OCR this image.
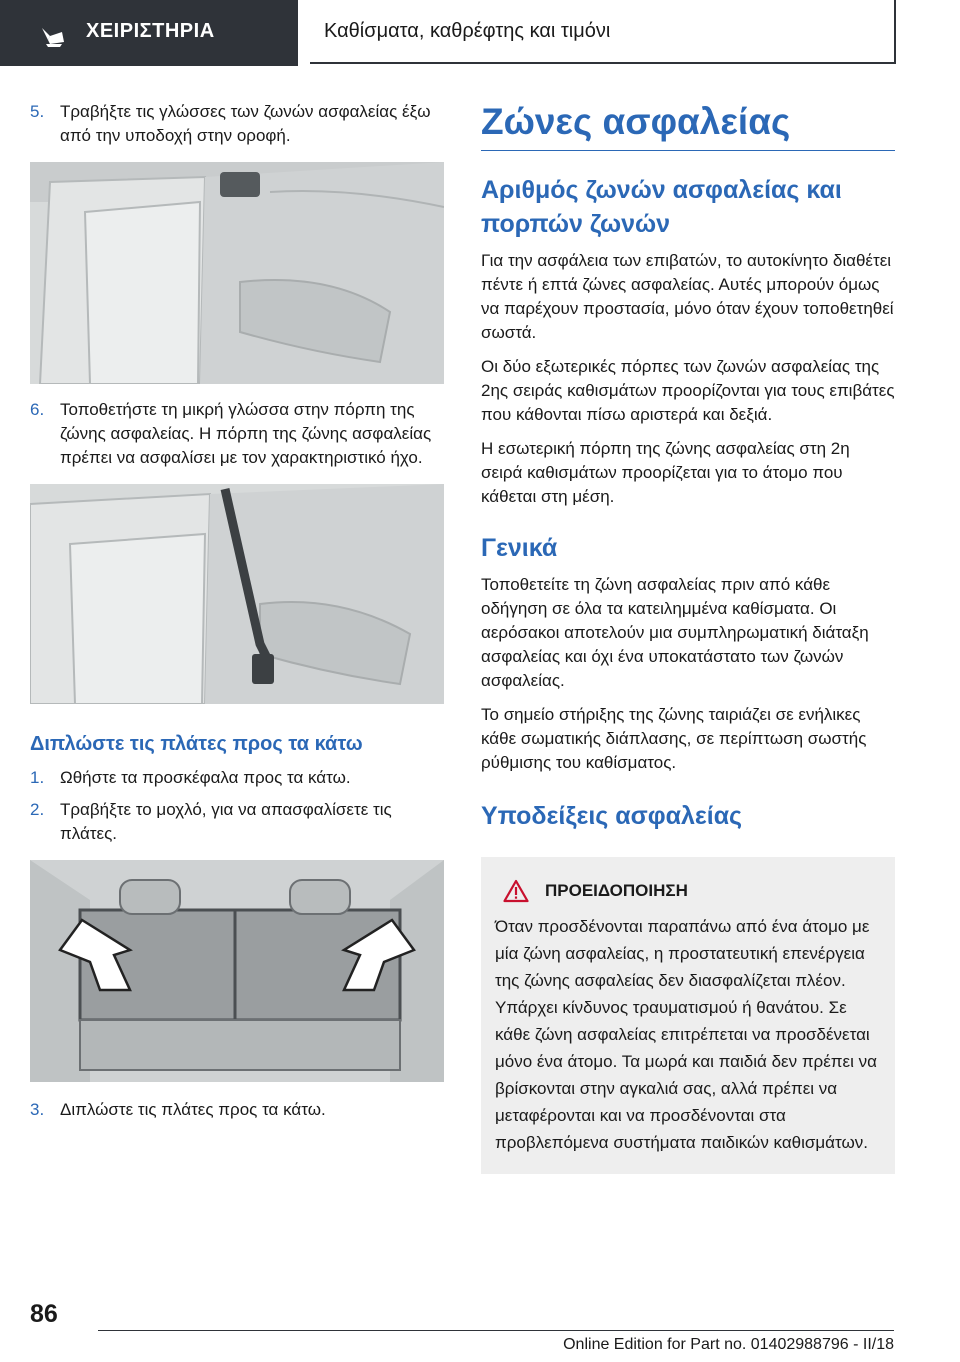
ΧΕΙΡΙΣΤΗΡΙΑ	Καθίσματα, καθρέφτης και τιμόνι
5. Τραβήξτε τις γλώσσες των ζωνών ασφαλείας έξω από την υποδοχή στην οροφή.
6. Τοποθετήστε τη μικρή γλώσσα στην πόρπη της ζώνης ασφαλείας. Η πόρπη της ζώνης ασφαλείας πρέπει να ασφαλίσει με τον χαρακτηριστικό ήχο.
Διπλώστε τις πλάτες προς τα κάτω
1. Ωθήστε τα προσκέφαλα προς τα κάτω.
2. Τραβήξτε το μοχλό, για να απασφαλίσετε τις πλάτες.
3. Διπλώστε τις πλάτες προς τα κάτω.
Ζώνες ασφαλείας
Αριθμός ζωνών ασφαλείας και πορπών ζωνών

Για την ασφάλεια των επιβατών, το αυτοκίνητο διαθέτει πέντε ή επτά ζώνες ασφαλείας. Αυτές μπορούν όμως να παρέχουν προστασία, μόνο όταν έχουν τοποθετηθεί σωστά.

Οι δύο εξωτερικές πόρπες των ζωνών ασφαλείας της 2ης σειράς καθισμάτων προορίζονται για τους επιβάτες που κάθονται πίσω αριστερά και δεξιά.

Η εσωτερική πόρπη της ζώνης ασφαλείας στη 2η σειρά καθισμάτων προορίζεται για το άτομο που κάθεται στη μέση.

Γενικά

Τοποθετείτε τη ζώνη ασφαλείας πριν από κάθε οδήγηση σε όλα τα κατειλημμένα καθίσματα. Οι αερόσακοι αποτελούν μια συμπληρωματική διάταξη ασφαλείας και όχι ένα υποκατάστατο των ζωνών ασφαλείας.

Το σημείο στήριξης της ζώνης ταιριάζει σε ενήλικες κάθε σωματικής διάπλασης, σε περίπτωση σωστής ρύθμισης του καθίσματος.

Υποδείξεις ασφαλείας
ΠΡΟΕΙΔΟΠΟΙΗΣΗ

Όταν προσδένονται παραπάνω από ένα άτομο με μία ζώνη ασφαλείας, η προστατευτική επενέργεια της ζώνης ασφαλείας δεν διασφαλίζεται πλέον. Υπάρχει κίνδυνος τραυματισμού ή θανάτου. Σε κάθε ζώνη ασφαλείας επιτρέπεται να προσδένεται μόνο ένα άτομο. Τα μωρά και παιδιά δεν πρέπει να βρίσκονται στην αγκαλιά σας, αλλά πρέπει να μεταφέρονται και να προσδένονται στα προβλεπόμενα συστήματα παιδικών καθισμάτων.

86
Online Edition for Part no. 01402988796 - II/18
